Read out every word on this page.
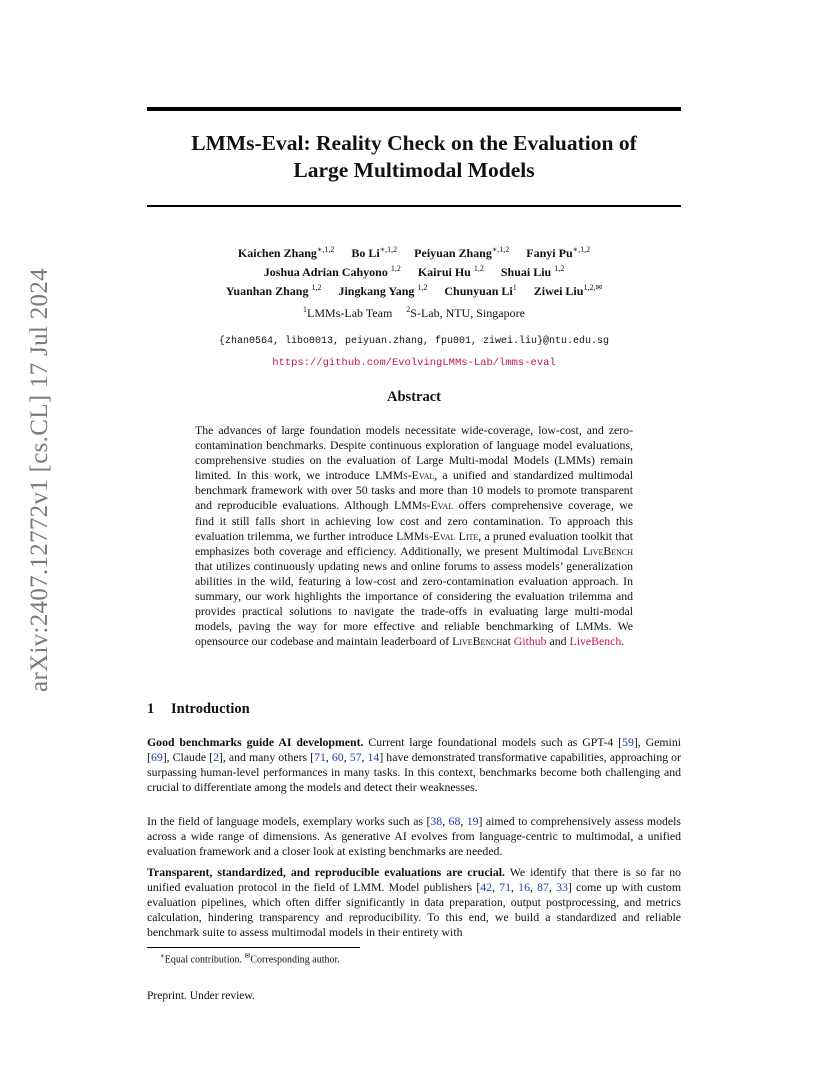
arXiv:2407.12772v1 [cs.CL] 17 Jul 2024
LMMs-Eval: Reality Check on the Evaluation of
Large Multimodal Models
Kaichen Zhang$^{∗,1,2}$ Bo $Li^{∗,1,2}$ Peiyuan Zhang$^{∗,1,2}$ Fanyi $Pu^{∗,1,2}$
Joshua Adrian Cahyono $^{1,2}$ Kairui Hu $^{1,2}$ Shuai Liu $^{1,2}$
Yuanhan Zhang $^{1,2}$ Jingkang Yang $^{1,2}$ Chunyuan Li$^1$ Ziwei Liu$^{1,2,✉}$
$^1$LMMs-Lab Team $^2$S-Lab, NTU, Singapore
{zhan0564, libo0013, peiyuan.zhang, fpu001, ziwei.liu}@ntu.edu.sg
https://github.com/EvolvingLMMs-Lab/lmms-eval
Abstract
The advances of large foundation models necessitate wide-coverage, low-cost, and zero-contamination benchmarks. Despite continuous exploration of language model evaluations, comprehensive studies on the evaluation of Large Multi-modal Models (LMMs) remain limited. In this work, we introduce LMMs-Eval, a unified and standardized multimodal benchmark framework with over 50 tasks and more than 10 models to promote transparent and reproducible evaluations. Although LMMs-Eval offers comprehensive coverage, we find it still falls short in achieving low cost and zero contamination. To approach this evaluation trilemma, we further introduce LMMs-Eval Lite, a pruned evaluation toolkit that emphasizes both coverage and efficiency. Additionally, we present Multimodal LiveBench that utilizes continuously updating news and online forums to assess models’ generalization abilities in the wild, featuring a low-cost and zero-contamination evaluation approach. In summary, our work highlights the importance of considering the evaluation trilemma and provides practical solutions to navigate the trade-offs in evaluating large multi-modal models, paving the way for more effective and reliable benchmarking of LMMs. We opensource our codebase and maintain leaderboard of LiveBenchat Github and LiveBench.
1 Introduction
Good benchmarks guide AI development. Current large foundational models such as GPT-4 [59], Gemini [69], Claude [2], and many others [71, 60, 57, 14] have demonstrated transformative capabilities, approaching or surpassing human-level performances in many tasks. In this context, benchmarks become both challenging and crucial to differentiate among the models and detect their weaknesses.
In the field of language models, exemplary works such as [38, 68, 19] aimed to comprehensively assess models across a wide range of dimensions. As generative AI evolves from language-centric to multimodal, a unified evaluation framework and a closer look at existing benchmarks are needed.
Transparent, standardized, and reproducible evaluations are crucial. We identify that there is so far no unified evaluation protocol in the field of LMM. Model publishers [42, 71, 16, 87, 33] come up with custom evaluation pipelines, which often differ significantly in data preparation, output postprocessing, and metrics calculation, hindering transparency and reproducibility. To this end, we build a standardized and reliable benchmark suite to assess multimodal models in their entirety with
∗Equal contribution. ✉Corresponding author.
Preprint. Under review.
